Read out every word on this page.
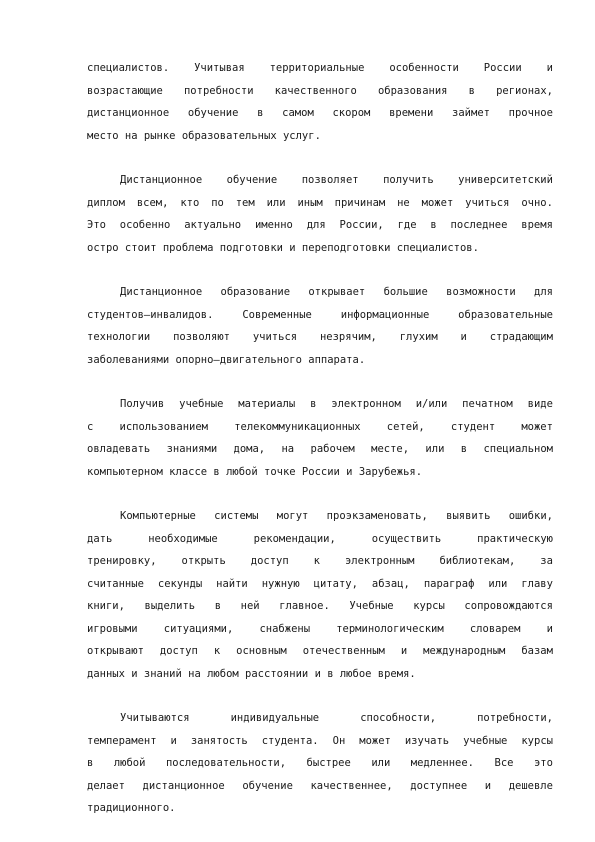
специалистов. Учитывая территориальные особенности России и
возрастающие потребности качественного образования в регионах,
дистанционное обучение в самом скором времени займет прочное
место на рынке образовательных услуг.
Дистанционное обучение позволяет получить университетский
диплом всем, кто по тем или иным причинам не может учиться очно.
Это особенно актуально именно для России, где в последнее время
остро стоит проблема подготовки и переподготовки специалистов.
Дистанционное образование открывает большие возможности для
студентов–инвалидов.	Современные	информационные	образовательные
технологии позволяют учиться незрячим, глухим и страдающим
заболеваниями опорно–двигательного аппарата.
Получив учебные материалы в электронном и/или печатном виде
с использованием телекоммуникационных сетей, студент может
овладевать знаниями дома, на рабочем месте, или в специальном
компьютерном классе в любой точке России и Зарубежья.
Компьютерные системы могут проэкзаменовать, выявить ошибки,
дать	необходимые	рекомендации,	осуществить	практическую
тренировку, открыть доступ к электронным библиотекам, за
считанные секунды найти нужную цитату, абзац, параграф или главу
книги, выделить в ней главное. Учебные курсы сопровождаются
игровыми ситуациями, снабжены терминологическим словарем и
открывают доступ к основным отечественным и международным базам
данных и знаний на любом расстоянии и в любое время.
Учитываются	индивидуальные	способности,	потребности,
темперамент и занятость студента. Он может изучать учебные курсы
в любой последовательности, быстрее или медленнее. Все это
делает дистанционное обучение качественнее, доступнее и дешевле
традиционного.
